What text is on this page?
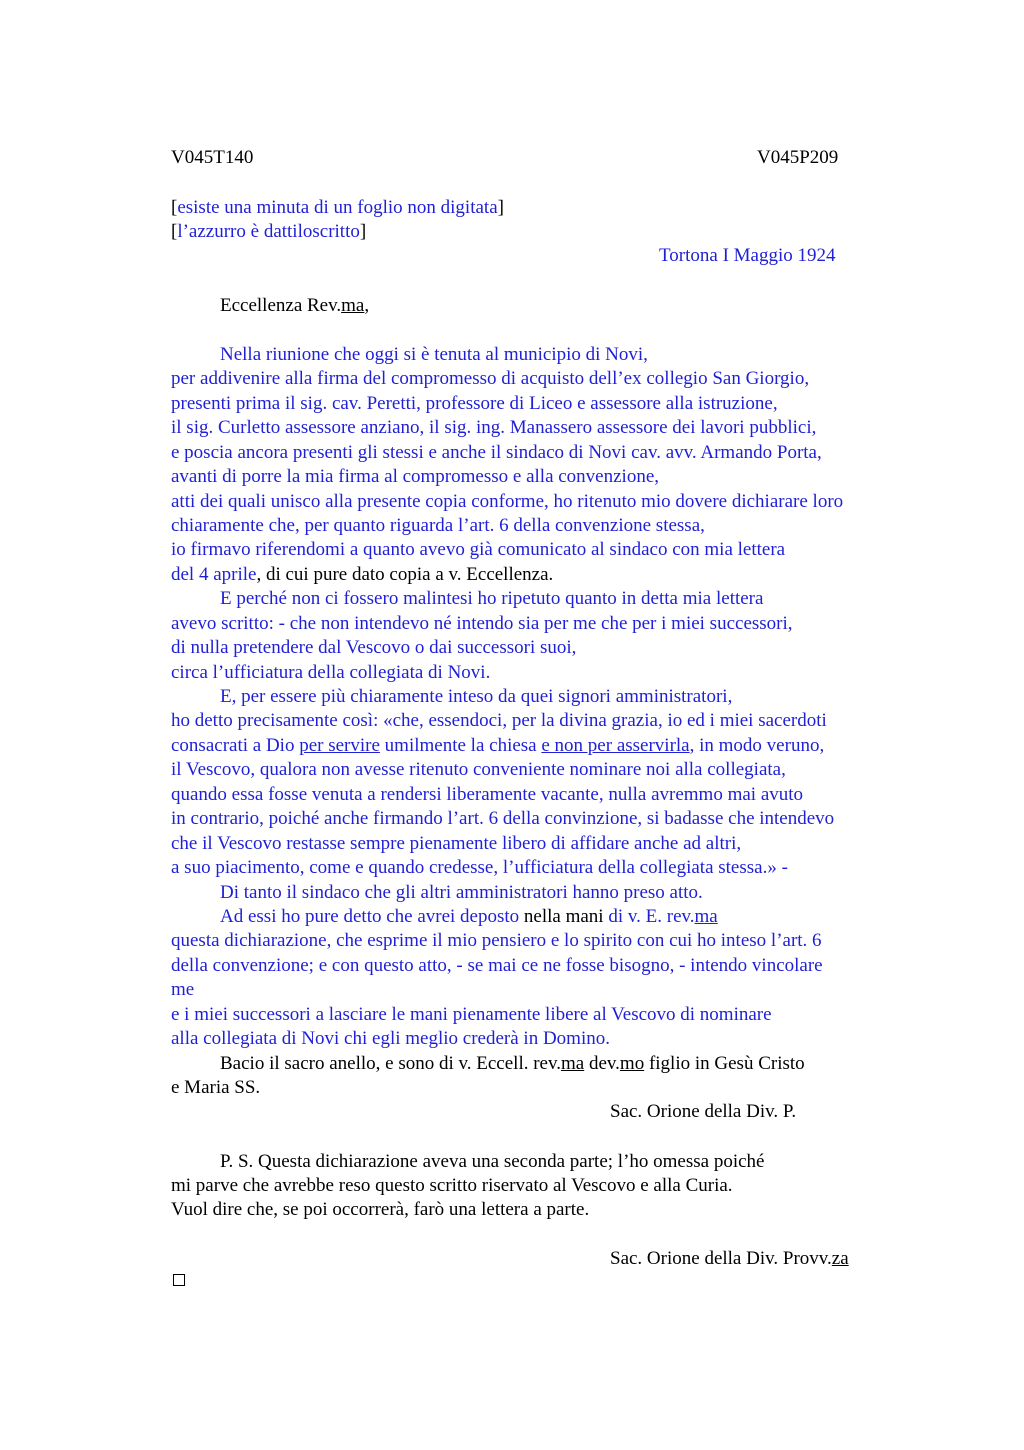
V045T140	V045P209
[esiste una minuta di un foglio non digitata]
[l’azzurro è dattiloscritto]
Tortona I Maggio 1924
Eccellenza Rev.ma,
Nella riunione che oggi si è tenuta al municipio di Novi,
per addivenire alla firma del compromesso di acquisto dell’ex collegio San Giorgio,
presenti prima il sig. cav. Peretti, professore di Liceo e assessore alla istruzione,
il sig. Curletto assessore anziano, il sig. ing. Manassero assessore dei lavori pubblici,
e poscia ancora presenti gli stessi e anche il sindaco di Novi cav. avv. Armando Porta,
avanti di porre la mia firma al compromesso e alla convenzione,
atti dei quali unisco alla presente copia conforme, ho ritenuto mio dovere dichiarare loro
chiaramente che, per quanto riguarda l’art. 6 della convenzione stessa,
io firmavo riferendomi a quanto avevo già comunicato al sindaco con mia lettera
del 4 aprile, di cui pure dato copia a v. Eccellenza.
E perché non ci fossero malintesi ho ripetuto quanto in detta mia lettera
avevo scritto: - che non intendevo né intendo sia per me che per i miei successori,
di nulla pretendere dal Vescovo o dai successori suoi,
circa l’ufficiatura della collegiata di Novi.
E, per essere più chiaramente inteso da quei signori amministratori,
ho detto precisamente così: «che, essendoci, per la divina grazia, io ed i miei sacerdoti
consacrati a Dio per servire umilmente la chiesa e non per asservirla, in modo veruno,
il Vescovo, qualora non avesse ritenuto conveniente nominare noi alla collegiata,
quando essa fosse venuta a rendersi liberamente vacante, nulla avremmo mai avuto
in contrario, poiché anche firmando l’art. 6 della convinzione, si badasse che intendevo
che il Vescovo restasse sempre pienamente libero di affidare anche ad altri,
a suo piacimento, come e quando credesse, l’ufficiatura della collegiata stessa.» -
Di tanto il sindaco che gli altri amministratori hanno preso atto.
Ad essi ho pure detto che avrei deposto nella mani di v. E. rev.ma
questa dichiarazione, che esprime il mio pensiero e lo spirito con cui ho inteso l’art. 6
della convenzione; e con questo atto, - se mai ce ne fosse bisogno, - intendo vincolare
me
e i miei successori a lasciare le mani pienamente libere al Vescovo di nominare
alla collegiata di Novi chi egli meglio crederà in Domino.
Bacio il sacro anello, e sono di v. Eccell. rev.ma dev.mo figlio in Gesù Cristo
e Maria SS.
Sac. Orione della Div. P.
P. S. Questa dichiarazione aveva una seconda parte; l’ho omessa poiché
mi parve che avrebbe reso questo scritto riservato al Vescovo e alla Curia.
Vuol dire che, se poi occorrerà, farò una lettera a parte.
Sac. Orione della Div. Provv.za
